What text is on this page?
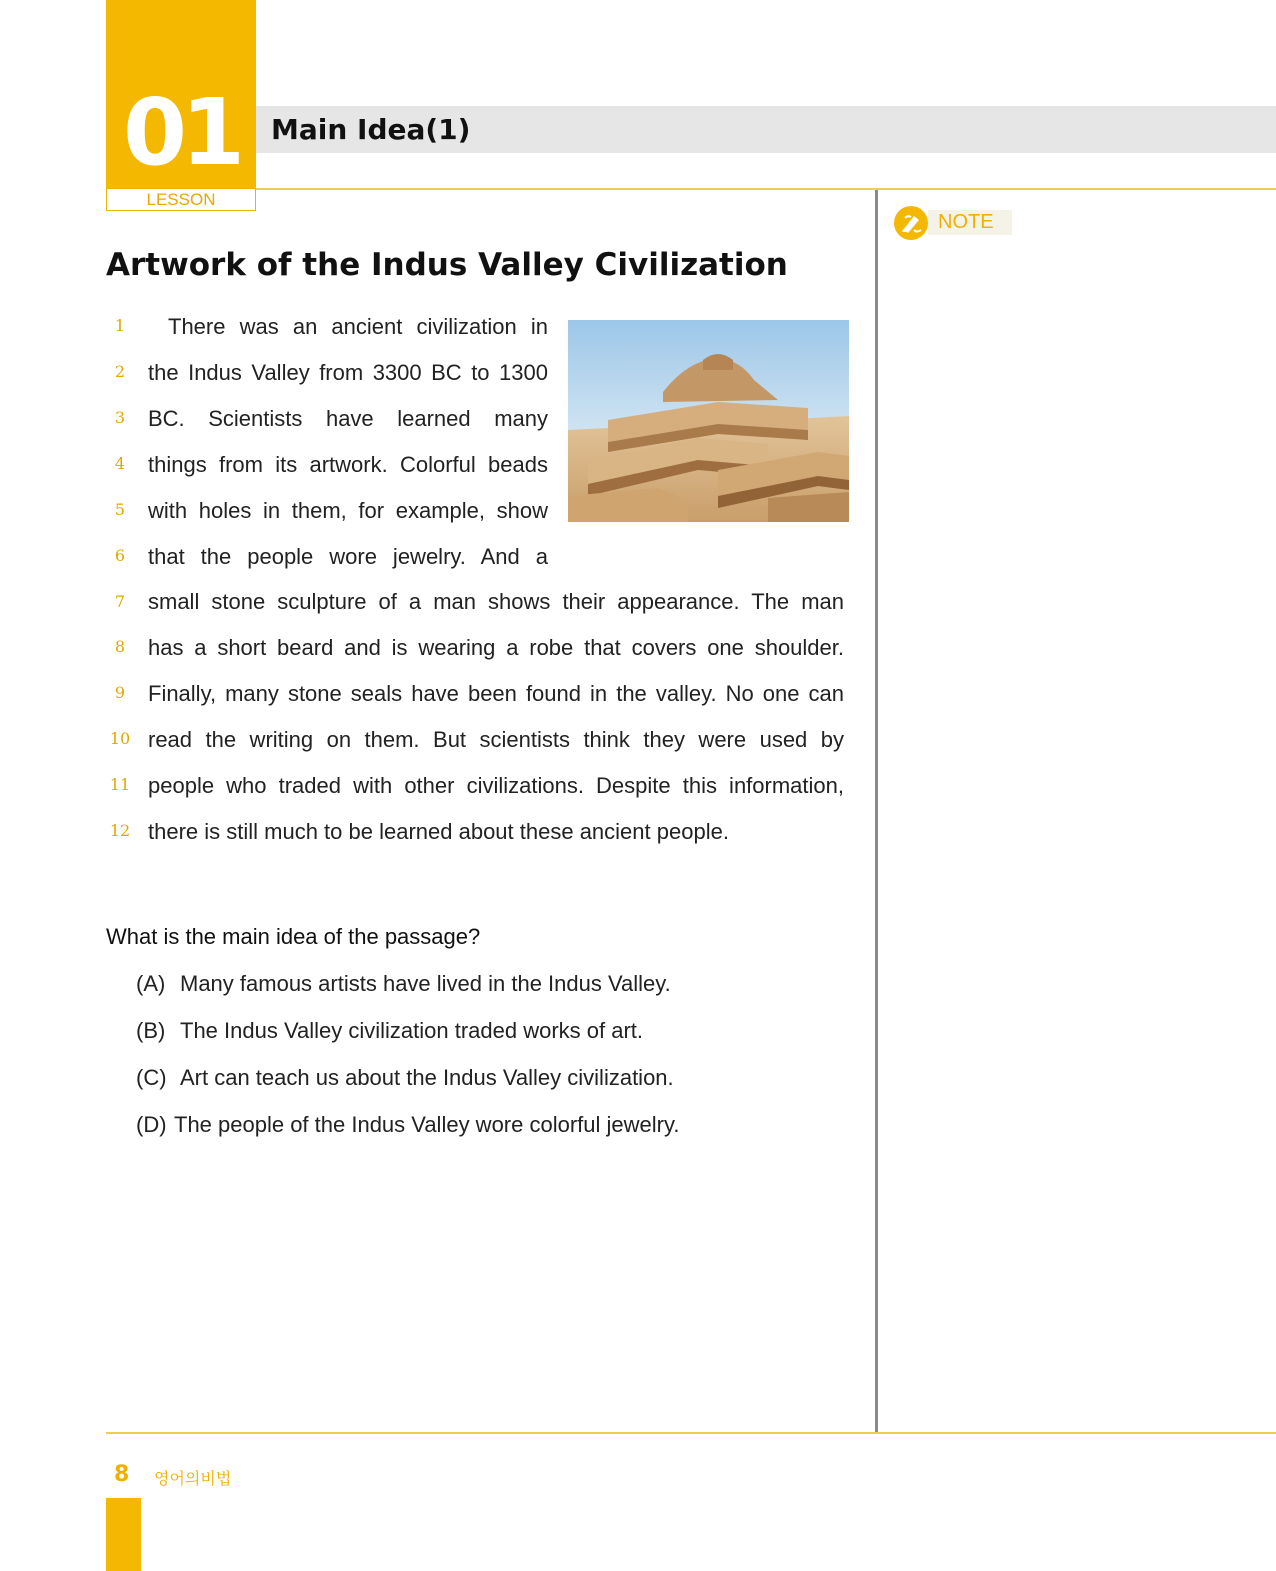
01
LESSON
Main Idea(1)
NOTE
Artwork of the Indus Valley Civilization
1	There was an ancient civilization in
2	the Indus Valley from 3300 BC to 1300
3	BC. Scientists have learned many
4	things from its artwork. Colorful beads
5	with holes in them, for example, show
6	that the people wore jewelry. And a
7	small stone sculpture of a man shows their appearance. The man
8	has a short beard and is wearing a robe that covers one shoulder.
9	Finally, many stone seals have been found in the valley. No one can
10 read the writing on them. But scientists think they were used by
11 people who traded with other civilizations. Despite this information,
12 there is still much to be learned about these ancient people.
What is the main idea of the passage?
(A) Many famous artists have lived in the Indus Valley.
(B) The Indus Valley civilization traded works of art.
(C) Art can teach us about the Indus Valley civilization.
(D) The people of the Indus Valley wore colorful jewelry.
8 영어의비법
